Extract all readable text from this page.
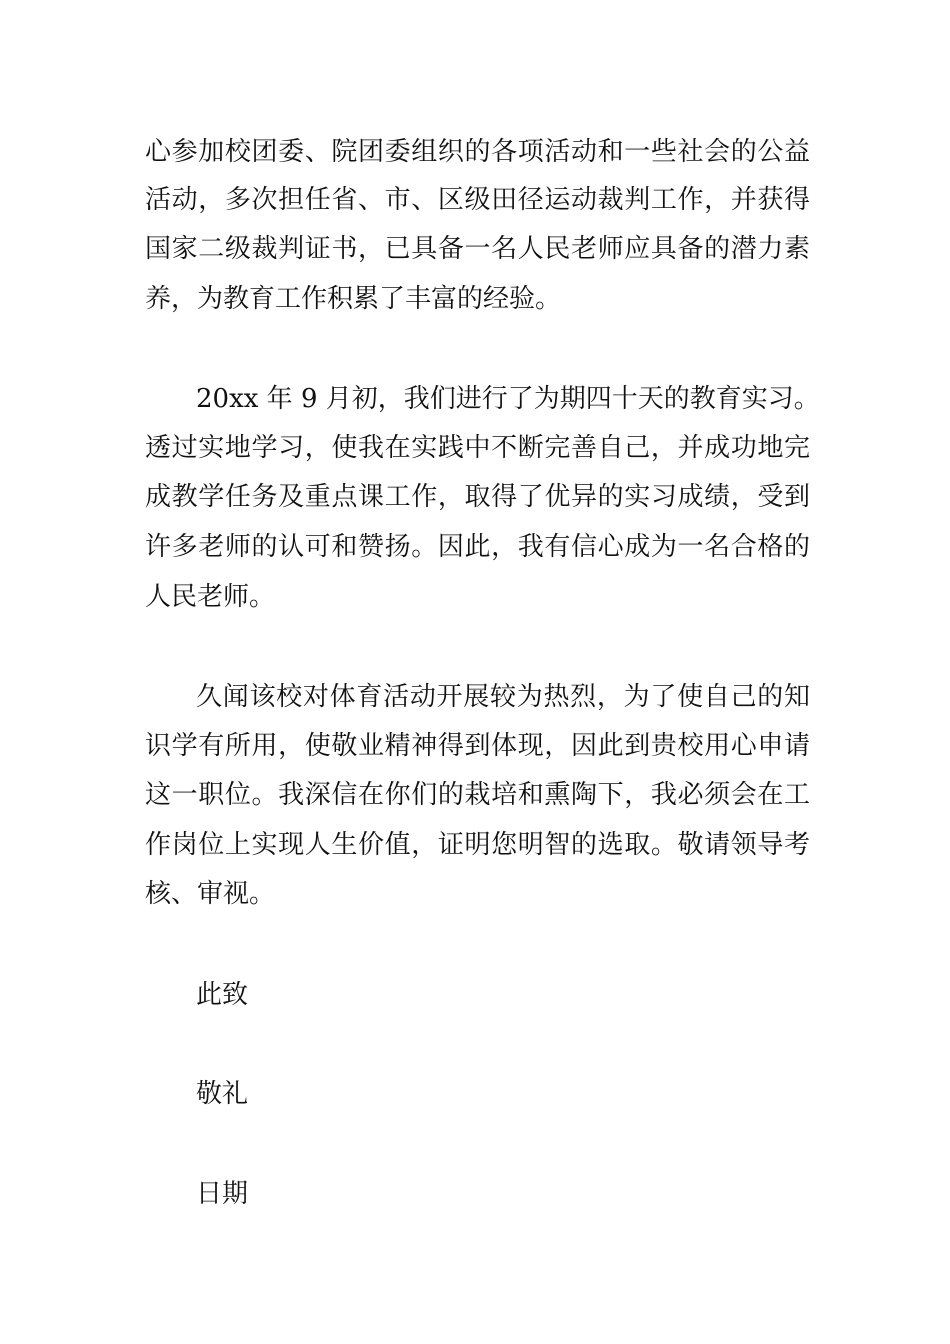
心参加校团委、院团委组织的各项活动和一些社会的公益
活动，多次担任省、市、区级田径运动裁判工作，并获得
国家二级裁判证书，已具备一名人民老师应具备的潜力素
养，为教育工作积累了丰富的经验。
20xx 年 9 月初，我们进行了为期四十天的教育实习。
透过实地学习，使我在实践中不断完善自己，并成功地完
成教学任务及重点课工作，取得了优异的实习成绩，受到
许多老师的认可和赞扬。因此，我有信心成为一名合格的
人民老师。
久闻该校对体育活动开展较为热烈，为了使自己的知
识学有所用，使敬业精神得到体现，因此到贵校用心申请
这一职位。我深信在你们的栽培和熏陶下，我必须会在工
作岗位上实现人生价值，证明您明智的选取。敬请领导考
核、审视。
此致
敬礼
日期
